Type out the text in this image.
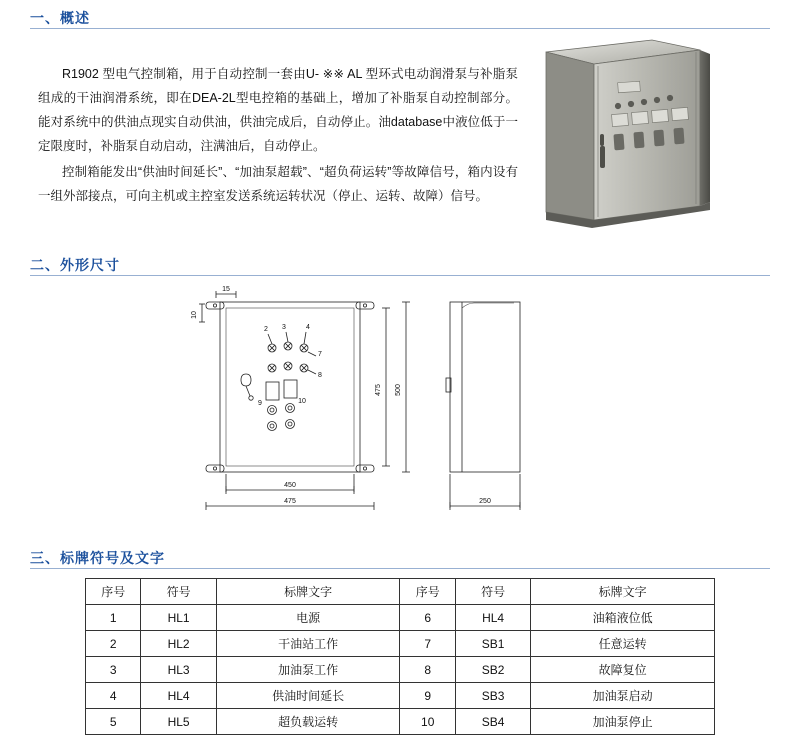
一、概述

R1902 型电气控制箱，用于自动控制一套由U- ※※ AL 型环式电动润滑泵与补脂泵组成的干油润滑系统，即在DEA-2L型电控箱的基础上，增加了补脂泵自动控制部分。能对系统中的供油点现实自动供油，供油完成后，自动停止。油database中液位低于一定限度时，补脂泵自动启动，注满油后，自动停止。

控制箱能发出“供油时间延长”、“加油泵超载”、“超负荷运转”等故障信号，箱内设有一组外部接点，可向主机或主控室发送系统运转状况（停止、运转、故障）信号。

二、外形尺寸
15
10
450
475
475 500
250
2 3	4
7
8
9	10
三、标牌符号及文字
序号	符号	标牌文字	序号	符号	标牌文字
1	HL1	电源	6	HL4	油箱液位低
2	HL2	干油站工作	7	SB1	任意运转
3	HL3	加油泵工作	8	SB2	故障复位
4	HL4	供油时间延长	9	SB3	加油泵启动
5	HL5	超负载运转	10	SB4	加油泵停止
